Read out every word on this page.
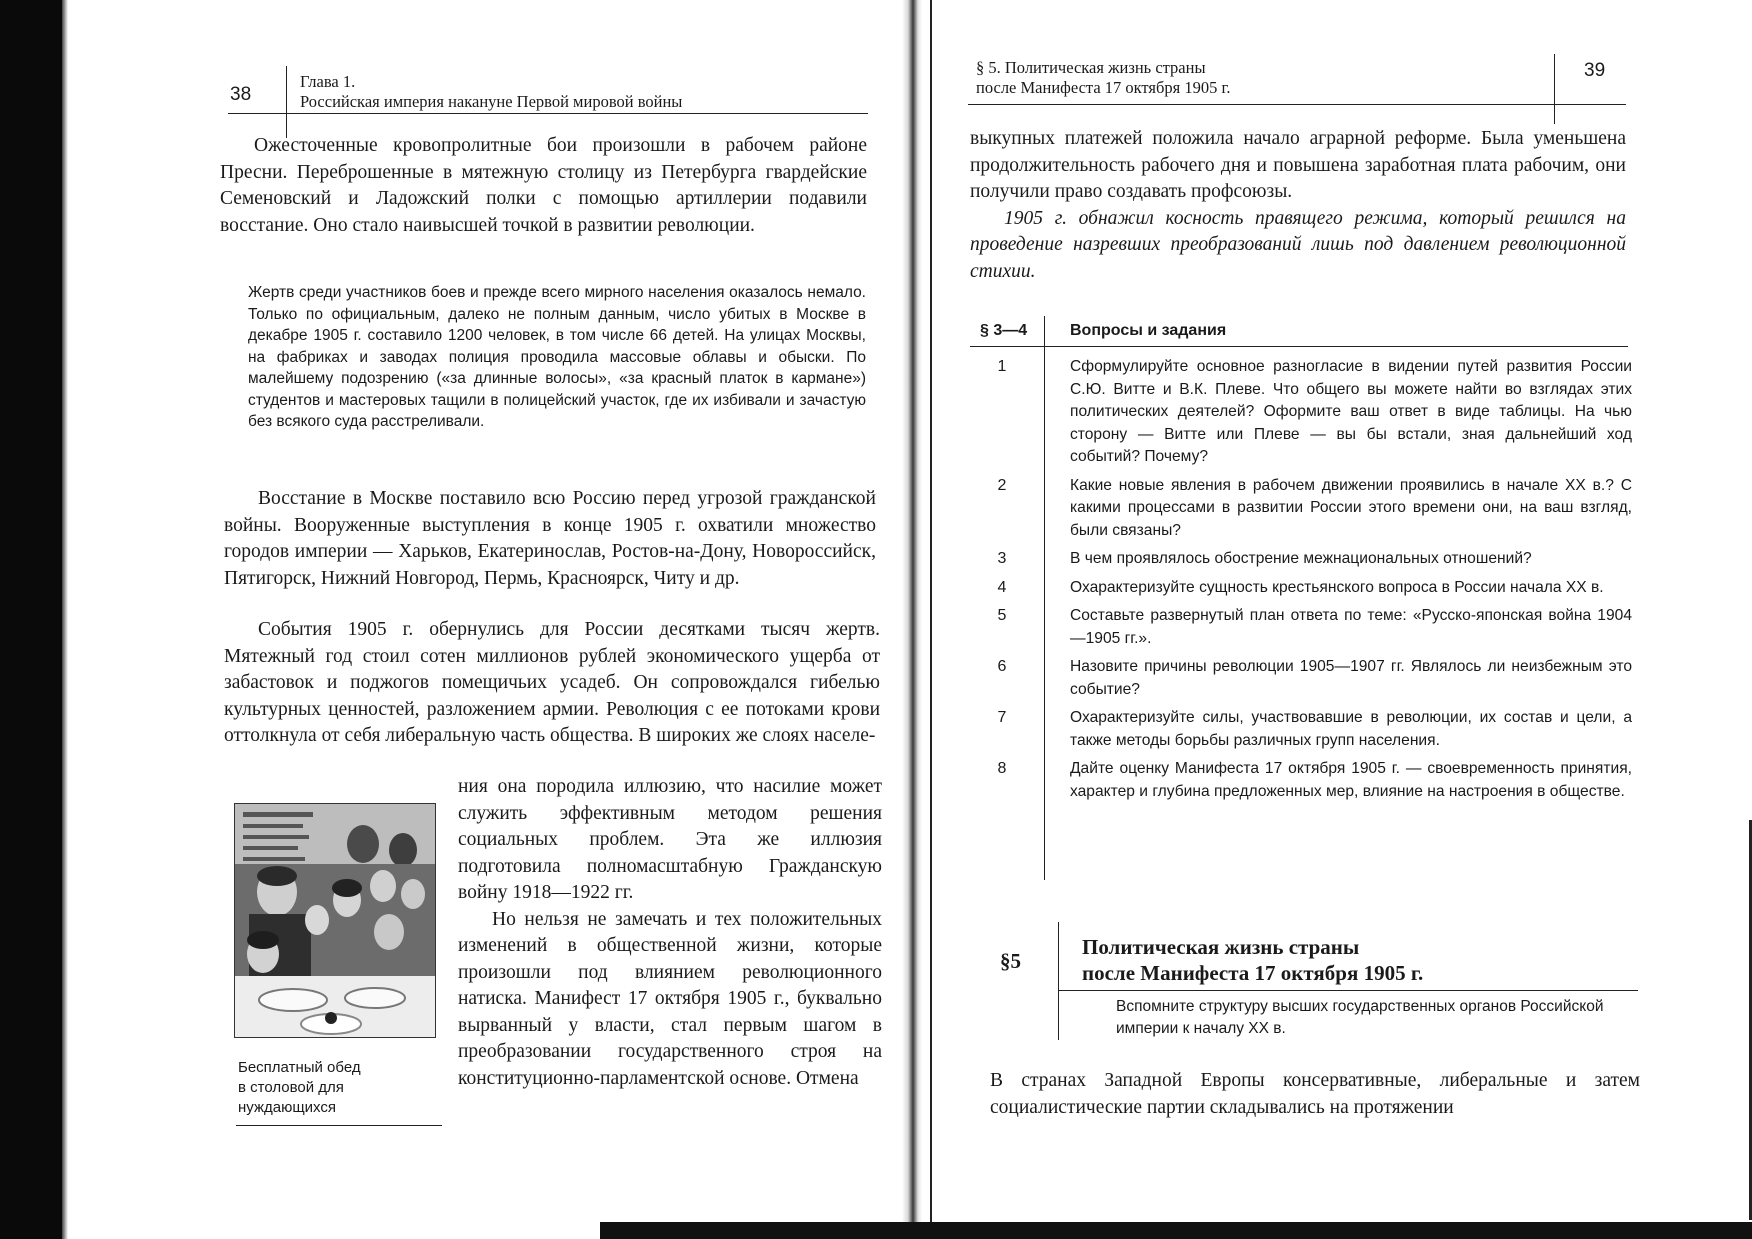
38
Глава 1.
Российская империя накануне Первой мировой войны

Ожесточенные кровопролитные бои произошли в рабочем районе Пресни. Переброшенные в мятежную столицу из Петербурга гвардейские Семеновский и Ладожский полки с помощью артиллерии подавили восстание. Оно стало наивысшей точкой в развитии революции.

Жертв среди участников боев и прежде всего мирного населения оказалось немало. Только по официальным, далеко не полным данным, число убитых в Москве в декабре 1905 г. составило 1200 человек, в том числе 66 детей. На улицах Москвы, на фабриках и заводах полиция проводила массовые облавы и обыски. По малейшему подозрению («за длинные волосы», «за красный платок в кармане») студентов и мастеровых тащили в полицейский участок, где их избивали и зачастую без всякого суда расстреливали.

Восстание в Москве поставило всю Россию перед угрозой гражданской войны. Вооруженные выступления в конце 1905 г. охватили множество городов империи — Харьков, Екатеринослав, Ростов-на-Дону, Новороссийск, Пятигорск, Нижний Новгород, Пермь, Красноярск, Читу и др.

События 1905 г. обернулись для России десятками тысяч жертв. Мятежный год стоил сотен миллионов рублей экономического ущерба от забастовок и поджогов помещичьих усадеб. Он сопровождался гибелью культурных ценностей, разложением армии. Революция с ее потоками крови оттолкнула от себя либеральную часть общества. В широких же слоях населе-

ния она породила иллюзию, что насилие может служить эффективным методом решения социальных проблем. Эта же иллюзия подготовила полномасштабную Гражданскую войну 1918—1922 гг.

Но нельзя не замечать и тех положительных изменений в общественной жизни, которые произошли под влиянием революционного натиска. Манифест 17 октября 1905 г., буквально вырванный у власти, стал первым шагом в преобразовании государственного строя на конституционно-парламентской основе. Отмена

Бесплатный обед
в столовой для
нуждающихся
§ 5. Политическая жизнь страны
после Манифеста 17 октября 1905 г.
39

выкупных платежей положила начало аграрной реформе. Была уменьшена продолжительность рабочего дня и повышена заработная плата рабочим, они получили право создавать профсоюзы.

1905 г. обнажил косность правящего режима, который решился на проведение назревших преобразований лишь под давлением революционной стихии.

§ 3—4	Вопросы и задания
1	Сформулируйте основное разногласие в видении путей развития России С.Ю. Витте и В.К. Плеве. Что общего вы можете найти во взглядах этих политических деятелей? Оформите ваш ответ в виде таблицы. На чью сторону — Витте или Плеве — вы бы встали, зная дальнейший ход событий? Почему?
2	Какие новые явления в рабочем движении проявились в начале XX в.? С какими процессами в развитии России этого времени они, на ваш взгляд, были связаны?
3	В чем проявлялось обострение межнациональных отношений?
4	Охарактеризуйте сущность крестьянского вопроса в России начала XX в.
5	Составьте развернутый план ответа по теме: «Русско-японская война 1904—1905 гг.».
6	Назовите причины революции 1905—1907 гг. Являлось ли неизбежным это событие?
7	Охарактеризуйте силы, участвовавшие в революции, их состав и цели, а также методы борьбы различных групп населения.
8	Дайте оценку Манифеста 17 октября 1905 г. — своевременность принятия, характер и глубина предложенных мер, влияние на настроения в обществе.
§5
Политическая жизнь страны
после Манифеста 17 октября 1905 г.
Вспомните структуру высших государственных органов Российской империи к началу XX в.

В странах Западной Европы консервативные, либеральные и затем социалистические партии складывались на протяжении
